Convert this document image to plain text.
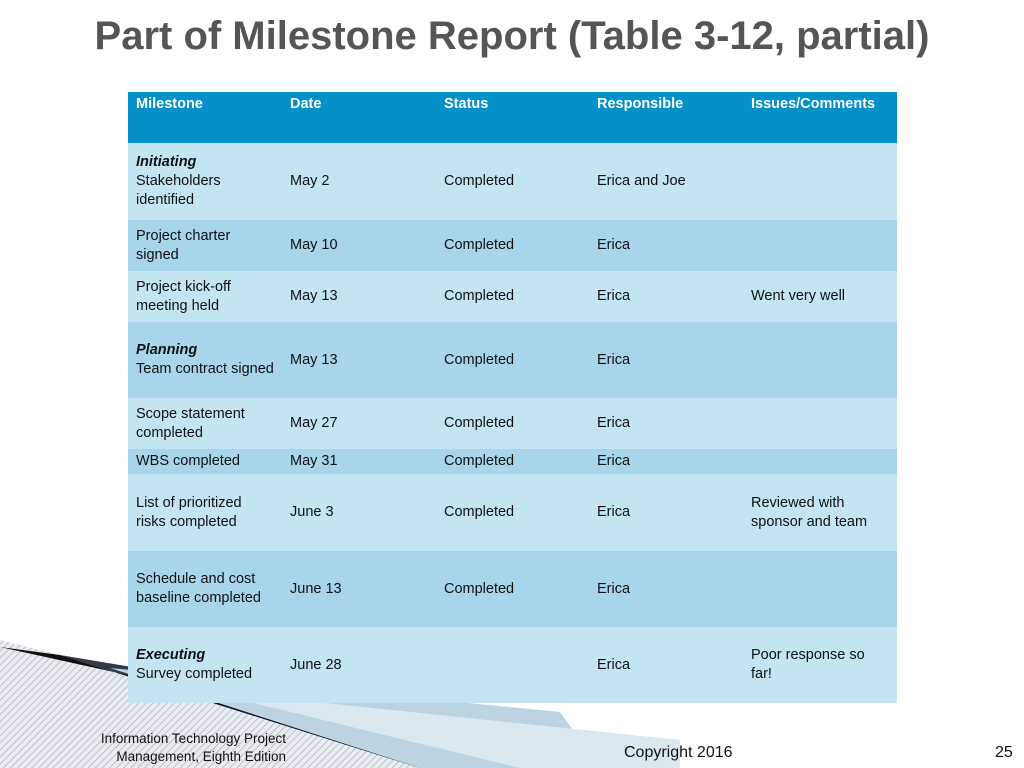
Part of Milestone Report (Table 3-12, partial)
Milestone	Date	Status	Responsible	Issues/Comments

Initiating
Stakeholders identified	May 2	Completed	Erica and Joe	
Project charter signed	May 10	Completed	Erica	
Project kick-off meeting held	May 13	Completed	Erica	Went very well

Planning
Team contract signed	May 13	Completed	Erica	
Scope statement completed	May 27	Completed	Erica	
WBS completed	May 31	Completed	Erica	
List of prioritized risks completed	June 3	Completed	Erica	Reviewed with sponsor and team
Schedule and cost baseline completed	June 13	Completed	Erica	

Executing
Survey completed	June 28		Erica	Poor response so far!
Information Technology Project
Management, Eighth Edition	Copyright 2016	25
